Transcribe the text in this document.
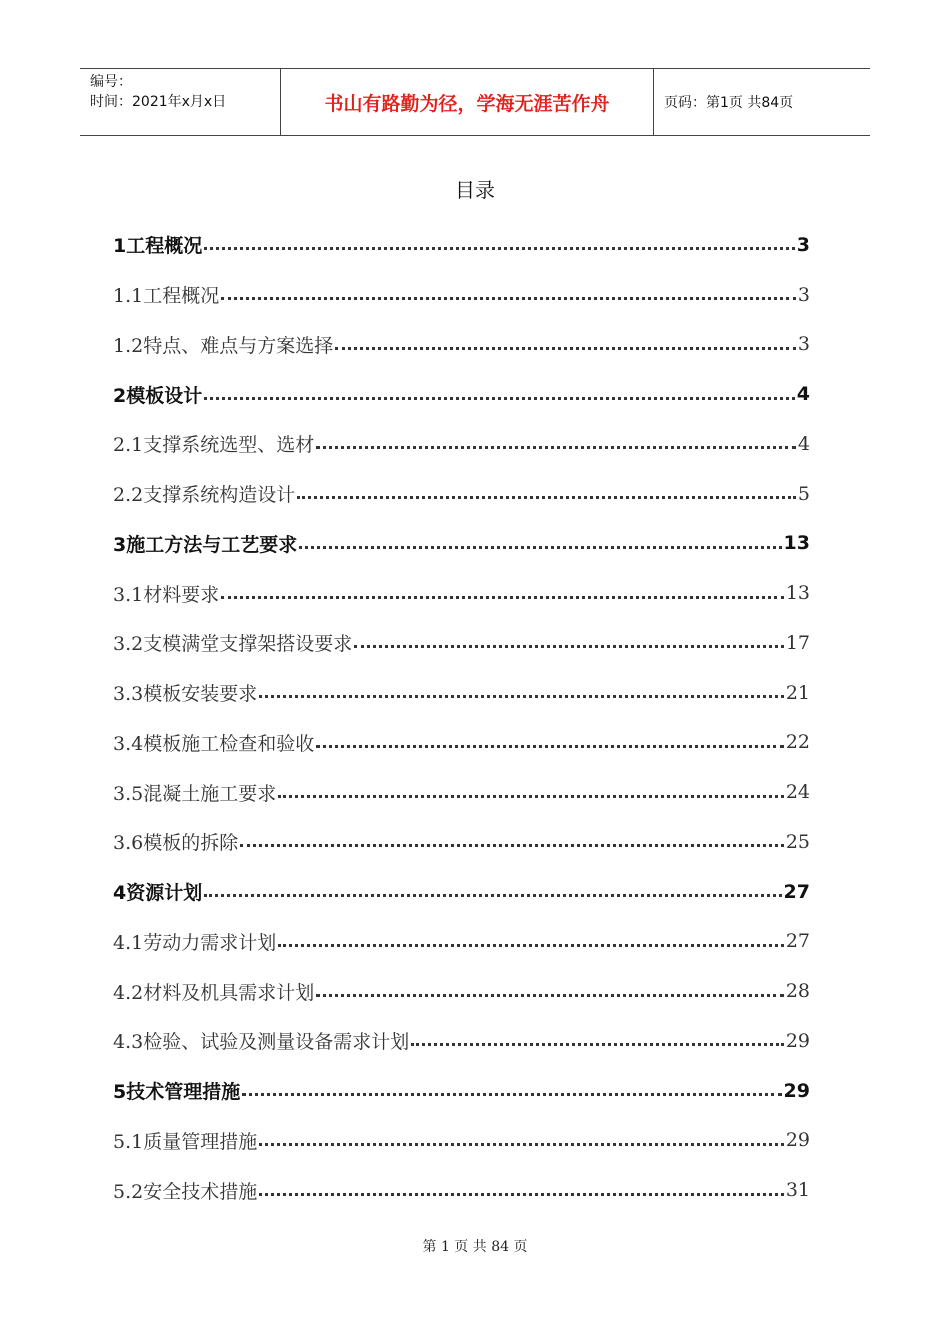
编号：
时间：2021年x月x日	书山有路勤为径，学海无涯苦作舟	页码：第1页 共84页
目录
1工程概况	3
1.1工程概况	3
1.2特点、难点与方案选择	3
2模板设计	4
2.1支撑系统选型、选材	4
2.2支撑系统构造设计	5
3施工方法与工艺要求	13
3.1材料要求	13
3.2支模满堂支撑架搭设要求	17
3.3模板安装要求	21
3.4模板施工检查和验收	22
3.5混凝土施工要求	24
3.6模板的拆除	25
4资源计划	27
4.1劳动力需求计划	27
4.2材料及机具需求计划	28
4.3检验、试验及测量设备需求计划	29
5技术管理措施	29
5.1质量管理措施	29
5.2安全技术措施	31
第 1 页 共 84 页
